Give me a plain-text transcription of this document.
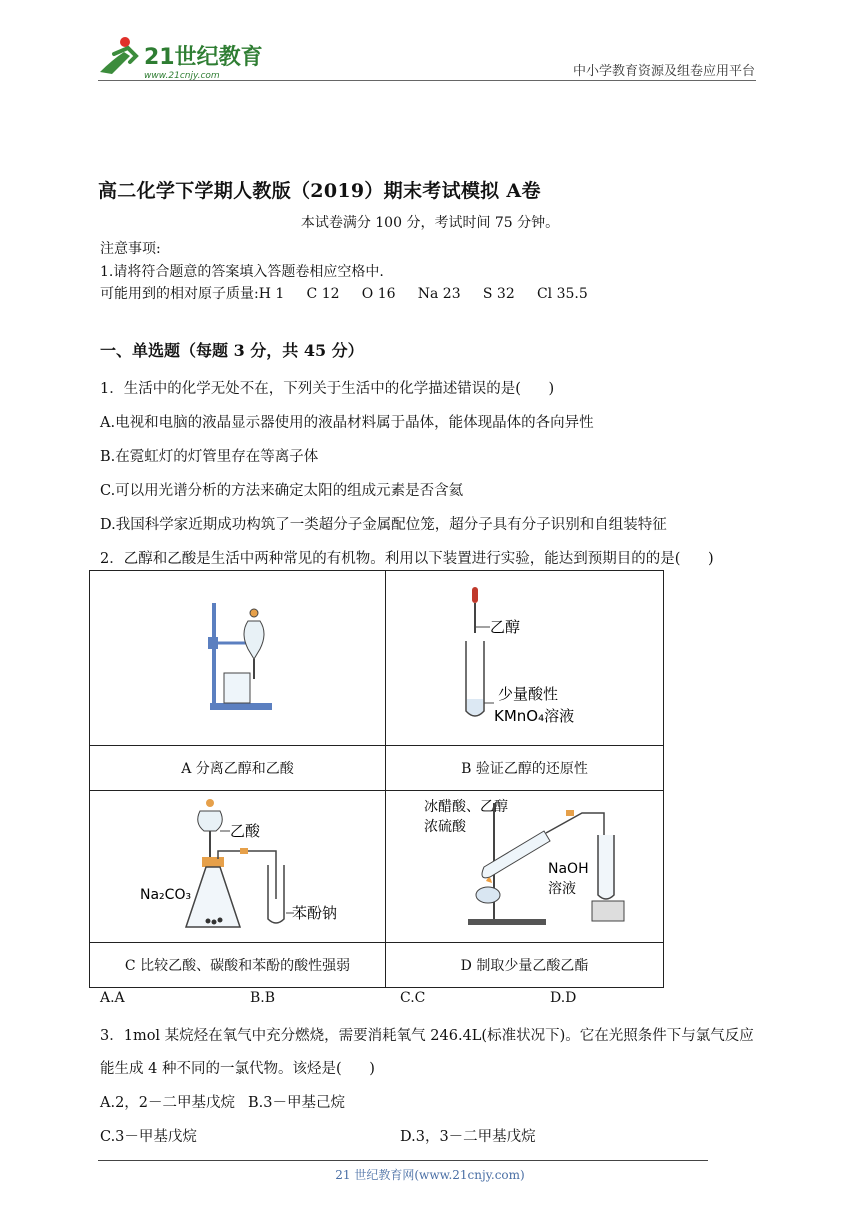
21世纪教育
www.21cnjy.com	中小学教育资源及组卷应用平台
高二化学下学期人教版（2019）期末考试模拟 A卷
本试卷满分 100 分，考试时间 75 分钟。
注意事项:
1.请将符合题意的答案填入答题卷相应空格中.
可能用到的相对原子质量:H 1     C 12     O 16     Na 23     S 32     Cl 35.5
一、单选题（每题 3 分，共 45 分）
1．生活中的化学无处不在，下列关于生活中的化学描述错误的是(      )
A.电视和电脑的液晶显示器使用的液晶材料属于晶体，能体现晶体的各向异性
B.在霓虹灯的灯管里存在等离子体
C.可以用光谱分析的方法来确定太阳的组成元素是否含氦
D.我国科学家近期成功构筑了一类超分子金属配位笼，超分子具有分子识别和自组装特征
2．乙醇和乙酸是生活中两种常见的有机物。利用以下装置进行实验，能达到预期目的的是(      )

乙醇
少量酸性
KMnO₄溶液

A 分离乙醇和乙酸	B 验证乙醇的还原性

乙酸
Na₂CO₃
苯酚钠	冰醋酸、乙醇
浓硫酸
NaOH
溶液

C 比较乙酸、碳酸和苯酚的酸性强弱	D 制取少量乙酸乙酯
A.A	B.B	C.C	D.D
3．1mol 某烷烃在氧气中充分燃烧，需要消耗氧气 246.4L(标准状况下)。它在光照条件下与氯气反应
能生成 4 种不同的一氯代物。该烃是(      )
A.2，2－二甲基戊烷 B.3－甲基己烷
C.3－甲基戊烷	D.3，3－二甲基戊烷
21 世纪教育网(www.21cnjy.com)
